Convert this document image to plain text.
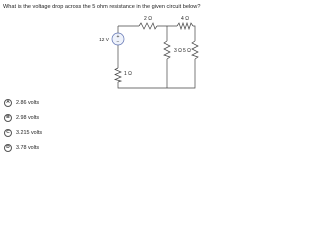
What is the voltage drop across the 5 ohm resistance in the given circuit below?
+
−
12 V
2 Ω	4 Ω
3 Ω 5 Ω
1 Ω
A	2.86 volts
B	2.98 volts
C	3.215 volts
D	3.78 volts
